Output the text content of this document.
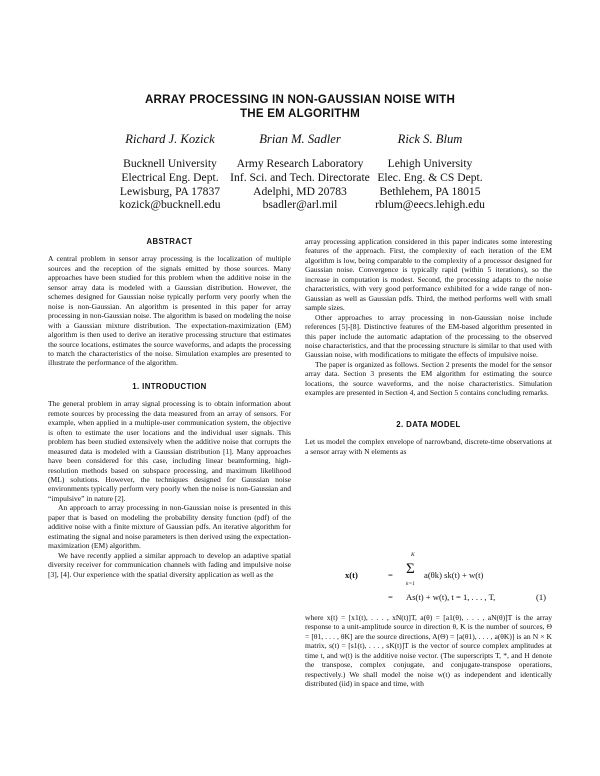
ARRAY PROCESSING IN NON-GAUSSIAN NOISE WITH
THE EM ALGORITHM
Richard J. Kozick	Brian M. Sadler	Rick S. Blum
Bucknell University
Electrical Eng. Dept.
Lewisburg, PA 17837
kozick@bucknell.edu
Army Research Laboratory
Inf. Sci. and Tech. Directorate
Adelphi, MD 20783
bsadler@arl.mil
Lehigh University
Elec. Eng. & CS Dept.
Bethlehem, PA 18015
rblum@eecs.lehigh.edu
ABSTRACT

A central problem in sensor array processing is the localization of multiple sources and the reception of the signals emitted by those sources. Many approaches have been studied for this problem when the additive noise in the sensor array data is modeled with a Gaussian distribution. However, the schemes designed for Gaussian noise typically perform very poorly when the noise is non-Gaussian. An algorithm is presented in this paper for array processing in non-Gaussian noise. The algorithm is based on modeling the noise with a Gaussian mixture distribution. The expectation-maximization (EM) algorithm is then used to derive an iterative processing structure that estimates the source locations, estimates the source waveforms, and adapts the processing to match the characteristics of the noise. Simulation examples are presented to illustrate the performance of the algorithm.

1. INTRODUCTION

The general problem in array signal processing is to obtain information about remote sources by processing the data measured from an array of sensors. For example, when applied in a multiple-user communication system, the objective is often to estimate the user locations and the individual user signals. This problem has been studied extensively when the additive noise that corrupts the measured data is modeled with a Gaussian distribution [1]. Many approaches have been considered for this case, including linear beamforming, high-resolution methods based on subspace processing, and maximum likelihood (ML) solutions. However, the techniques designed for Gaussian noise environments typically perform very poorly when the noise is non-Gaussian and “impulsive” in nature [2].

An approach to array processing in non-Gaussian noise is presented in this paper that is based on modeling the probability density function (pdf) of the additive noise with a finite mixture of Gaussian pdfs. An iterative algorithm for estimating the signal and noise parameters is then derived using the expectation-maximization (EM) algorithm.

We have recently applied a similar approach to develop an adaptive spatial diversity receiver for communication channels with fading and impulsive noise [3], [4]. Our experience with the spatial diversity application as well as the

array processing application considered in this paper indicates some interesting features of the approach. First, the complexity of each iteration of the EM algorithm is low, being comparable to the complexity of a processor designed for Gaussian noise. Convergence is typically rapid (within 5 iterations), so the increase in computation is modest. Second, the processing adapts to the noise characteristics, with very good performance exhibited for a wide range of non-Gaussian as well as Gaussian pdfs. Third, the method performs well with small sample sizes.

Other approaches to array processing in non-Gaussian noise include references [5]-[8]. Distinctive features of the EM-based algorithm presented in this paper include the automatic adaptation of the processing to the observed noise characteristics, and that the processing structure is similar to that used with Gaussian noise, with modifications to mitigate the effects of impulsive noise.

The paper is organized as follows. Section 2 presents the model for the sensor array data. Section 3 presents the EM algorithm for estimating the source locations, the source waveforms, and the noise characteristics. Simulation examples are presented in Section 4, and Section 5 contains concluding remarks.

2. DATA MODEL

Let us model the complex envelope of narrowband, discrete-time observations at a sensor array with N elements as

x(t)	=
K
Σ
k=1
a(θk) sk(t) + w(t)
= As(t) + w(t), t = 1, . . . , T,	(1)

where x(t) = [x1(t), . . . , xN(t)]T, a(θ) = [a1(θ), . . . , aN(θ)]T is the array response to a unit-amplitude source in direction θ, K is the number of sources, Θ = [θ1, . . . , θK] are the source directions, A(Θ) = [a(θ1), . . . , a(θK)] is an N × K matrix, s(t) = [s1(t), . . . , sK(t)]T is the vector of source complex amplitudes at time t, and w(t) is the additive noise vector. (The superscripts T, *, and H denote the transpose, complex conjugate, and conjugate-transpose operations, respectively.) We shall model the noise w(t) as independent and identically distributed (iid) in space and time, with
